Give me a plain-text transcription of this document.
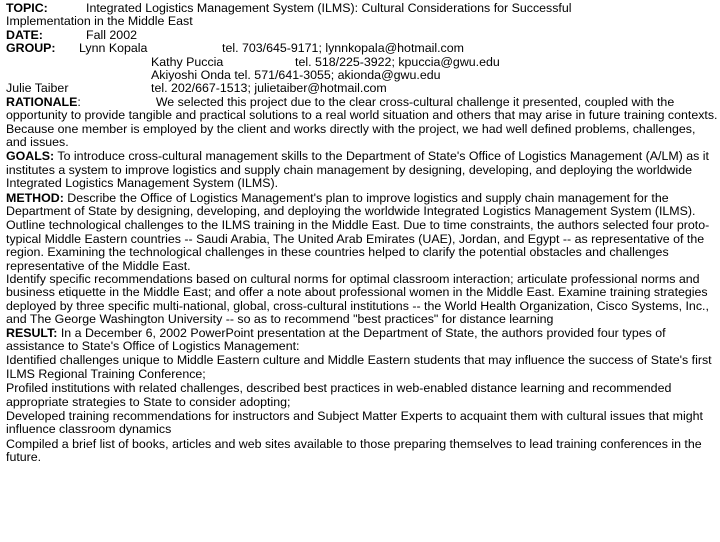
TOPIC:	Integrated Logistics Management System (ILMS): Cultural Considerations for Successful
Implementation in the Middle East
DATE:	Fall 2002
GROUP: Lynn Kopala	tel. 703/645-9171; lynnkopala@hotmail.com
Kathy Puccia	tel. 518/225-3922; kpuccia@gwu.edu
Akiyoshi Onda tel. 571/641-3055; akionda@gwu.edu
Julie Taiber	tel. 202/667-1513; julietaiber@hotmail.com

RATIONALE:	We selected this project due to the clear cross-cultural challenge it presented, coupled with the opportunity to provide tangible and practical solutions to a real world situation and others that may arise in future training contexts. Because one member is employed by the client and works directly with the project, we had well defined problems, challenges, and issues.

GOALS: To introduce cross-cultural management skills to the Department of State's Office of Logistics Management (A/LM) as it institutes a system to improve logistics and supply chain management by designing, developing, and deploying the worldwide Integrated Logistics Management System (ILMS).

METHOD: Describe the Office of Logistics Management's plan to improve logistics and supply chain management for the Department of State by designing, developing, and deploying the worldwide Integrated Logistics Management System (ILMS).

Outline technological challenges to the ILMS training in the Middle East. Due to time constraints, the authors selected four proto-typical Middle Eastern countries -- Saudi Arabia, The United Arab Emirates (UAE), Jordan, and Egypt -- as representative of the region. Examining the technological challenges in these countries helped to clarify the potential obstacles and challenges representative of the Middle East.

Identify specific recommendations based on cultural norms for optimal classroom interaction; articulate professional norms and business etiquette in the Middle East; and offer a note about professional women in the Middle East. Examine training strategies deployed by three specific multi-national, global, cross-cultural institutions -- the World Health Organization, Cisco Systems, Inc., and The George Washington University -- so as to recommend "best practices" for distance learning

RESULT: In a December 6, 2002 PowerPoint presentation at the Department of State, the authors provided four types of assistance to State's Office of Logistics Management:

Identified challenges unique to Middle Eastern culture and Middle Eastern students that may influence the success of State's first ILMS Regional Training Conference;

Profiled institutions with related challenges, described best practices in web-enabled distance learning and recommended appropriate strategies to State to consider adopting;

Developed training recommendations for instructors and Subject Matter Experts to acquaint them with cultural issues that might influence classroom dynamics

Compiled a brief list of books, articles and web sites available to those preparing themselves to lead training conferences in the future.
